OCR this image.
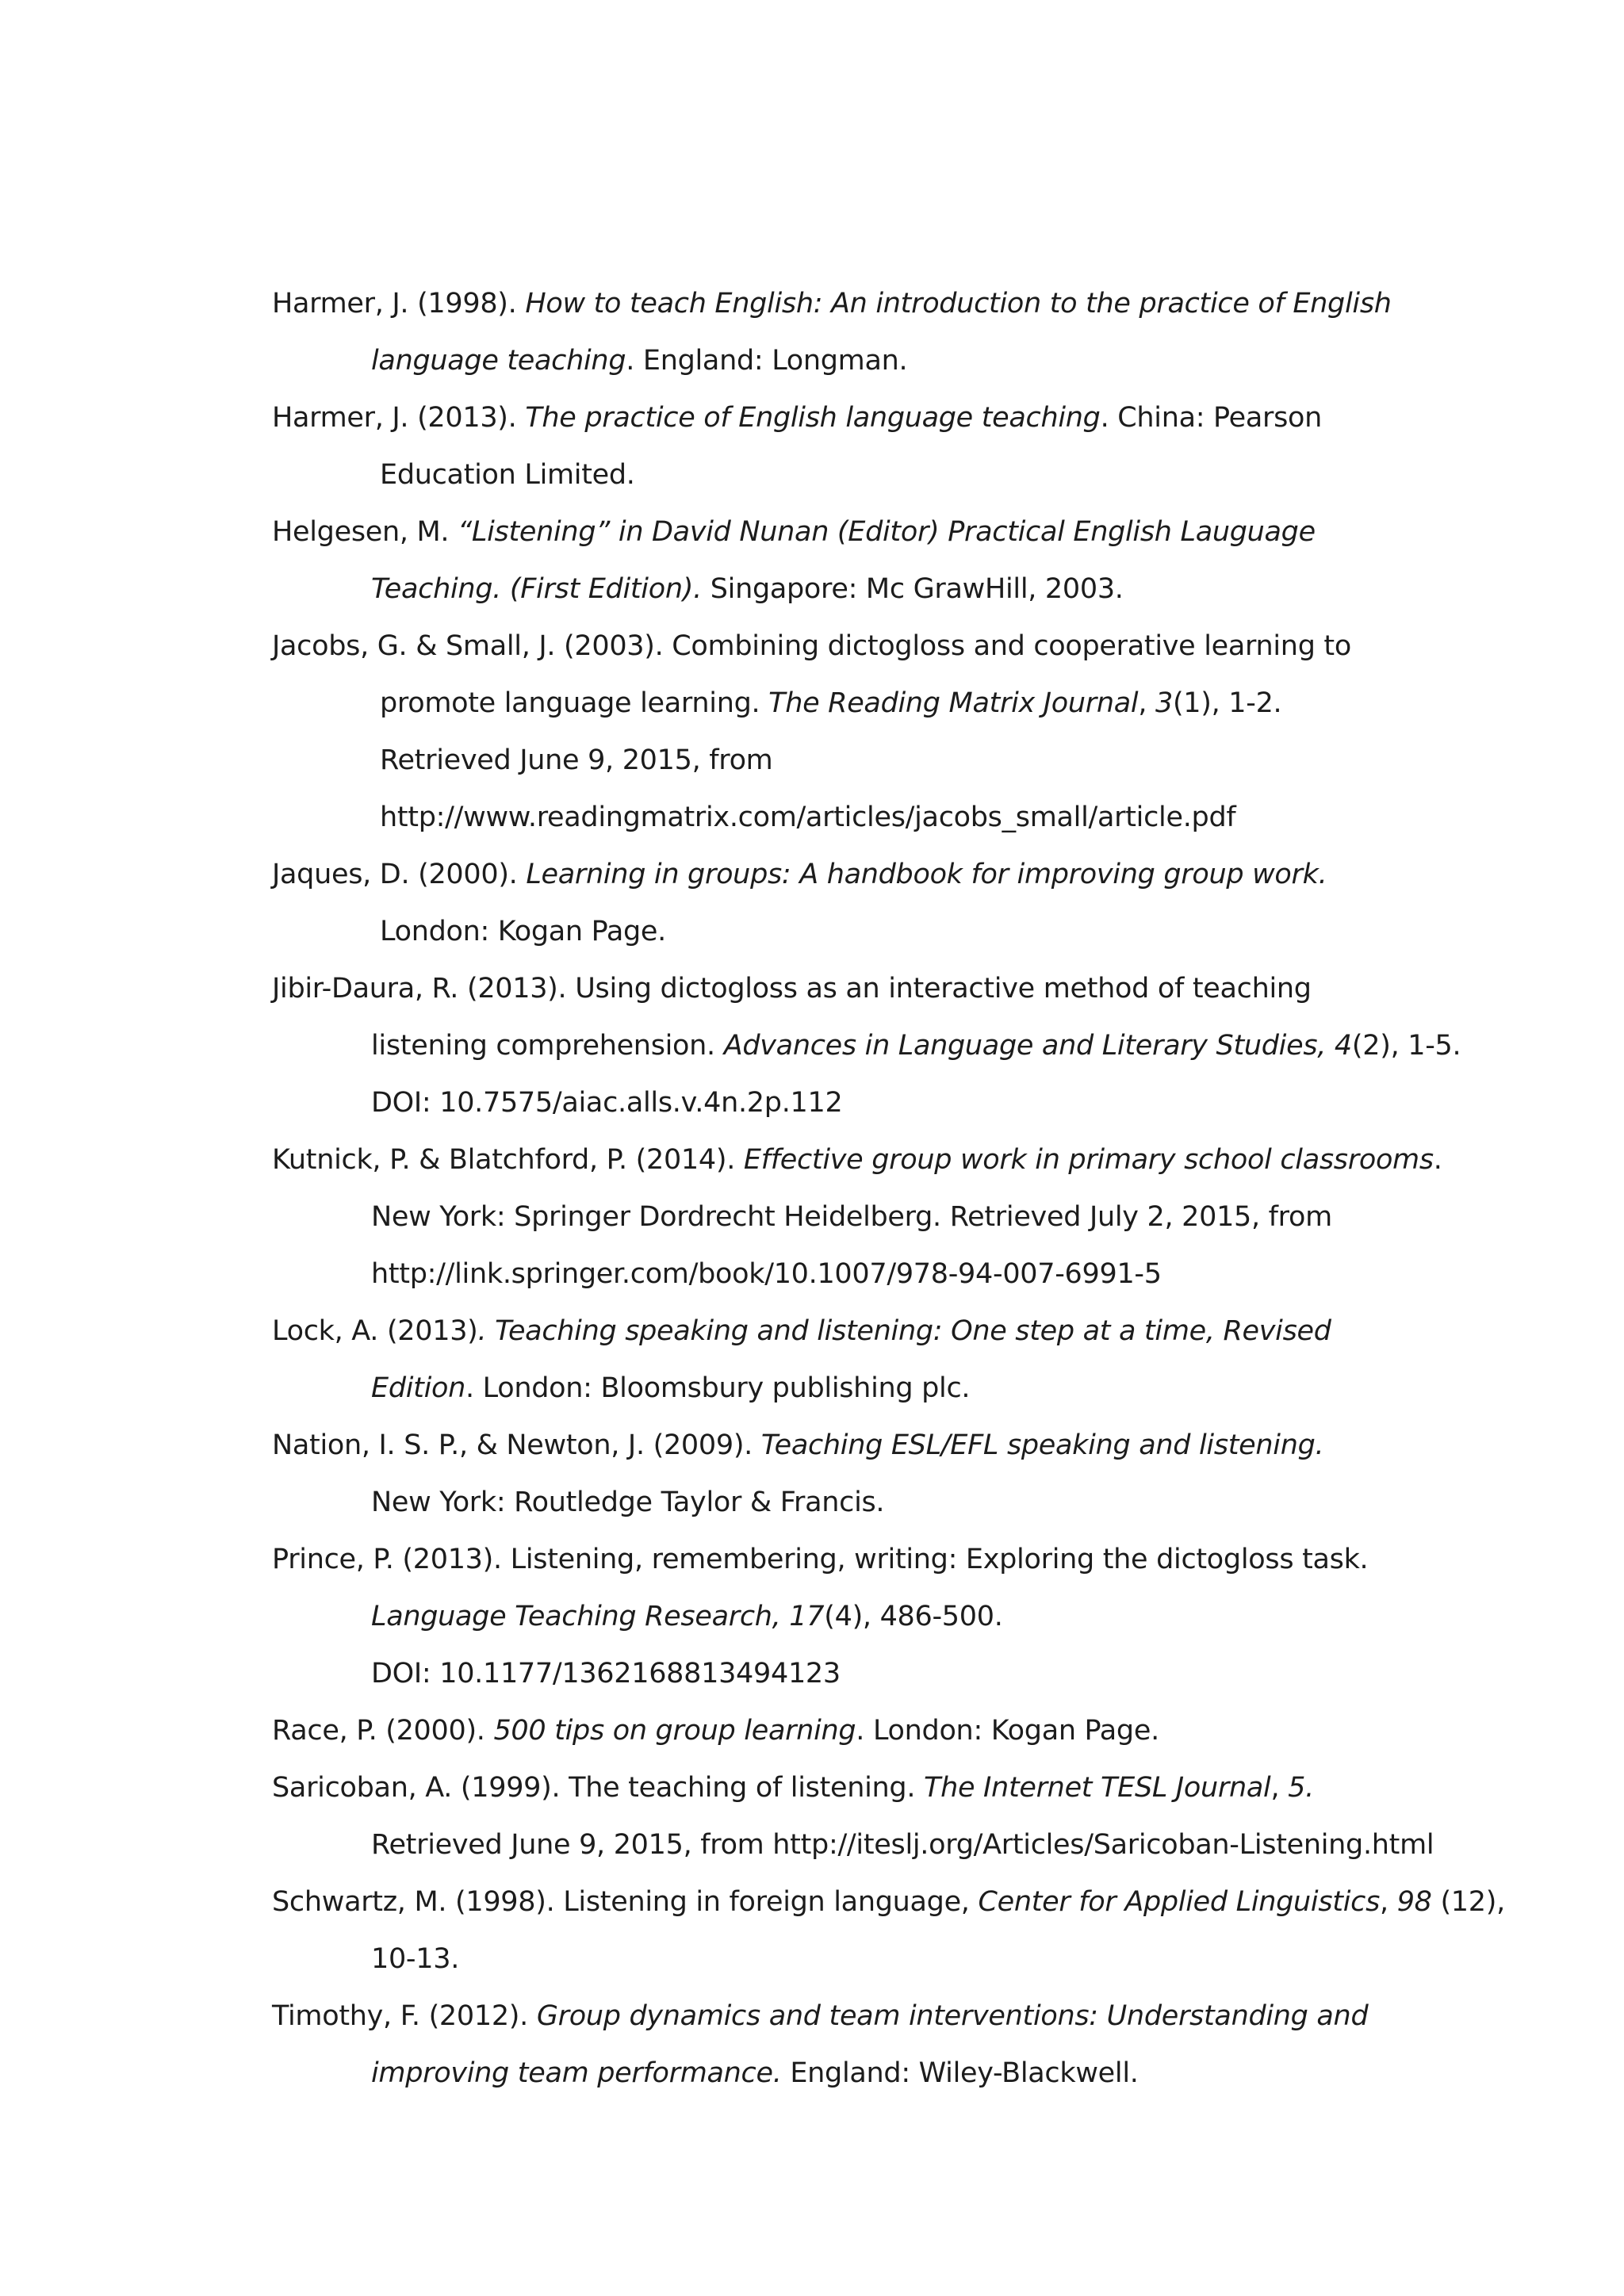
Harmer, J. (1998). How to teach English: An introduction to the practice of English
language teaching. England: Longman.
Harmer, J. (2013). The practice of English language teaching. China: Pearson
Education Limited.
Helgesen, M. “Listening” in David Nunan (Editor) Practical English Lauguage
Teaching. (First Edition). Singapore: Mc GrawHill, 2003.
Jacobs, G. & Small, J. (2003). Combining dictogloss and cooperative learning to
promote language learning. The Reading Matrix Journal, 3(1), 1-2.
Retrieved June 9, 2015, from
http://www.readingmatrix.com/articles/jacobs_small/article.pdf
Jaques, D. (2000). Learning in groups: A handbook for improving group work.
London: Kogan Page.
Jibir-Daura, R. (2013). Using dictogloss as an interactive method of teaching
listening comprehension. Advances in Language and Literary Studies, 4(2), 1-5.
DOI: 10.7575/aiac.alls.v.4n.2p.112
Kutnick, P. & Blatchford, P. (2014). Effective group work in primary school classrooms.
New York: Springer Dordrecht Heidelberg. Retrieved July 2, 2015, from
http://link.springer.com/book/10.1007/978-94-007-6991-5
Lock, A. (2013). Teaching speaking and listening: One step at a time, Revised
Edition. London: Bloomsbury publishing plc.
Nation, I. S. P., & Newton, J. (2009). Teaching ESL/EFL speaking and listening.
New York: Routledge Taylor & Francis.
Prince, P. (2013). Listening, remembering, writing: Exploring the dictogloss task.
Language Teaching Research, 17(4), 486-500.
DOI: 10.1177/1362168813494123
Race, P. (2000). 500 tips on group learning. London: Kogan Page.
Saricoban, A. (1999). The teaching of listening. The Internet TESL Journal, 5.
Retrieved June 9, 2015, from http://iteslj.org/Articles/Saricoban-Listening.html
Schwartz, M. (1998). Listening in foreign language, Center for Applied Linguistics, 98 (12),
10-13.
Timothy, F. (2012). Group dynamics and team interventions: Understanding and
improving team performance. England: Wiley-Blackwell.
